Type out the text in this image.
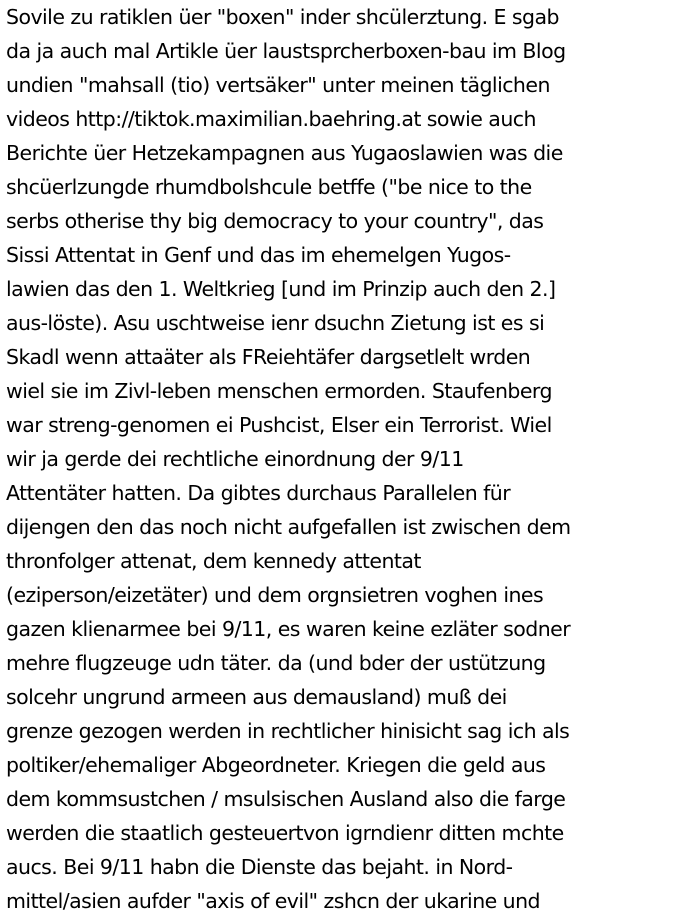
Sovile zu ratiklen üer "boxen" inder shcülerztung. E sgab
da ja auch mal Artikle üer laustsprcherboxen-bau im Blog
undien "mahsall (tio) vertsäker" unter meinen täglichen
videos http://tiktok.maximilian.baehring.at sowie auch
Berichte üer Hetzekampagnen aus Yugaoslawien was die
shcüerlzungde rhumdbolshcule betffe ("be nice to the
serbs otherise thy big democracy to your country", das
Sissi Attentat in Genf und das im ehemelgen Yugos-
lawien das den 1. Weltkrieg [und im Prinzip auch den 2.]
aus-löste). Asu uschtweise ienr dsuchn Zietung ist es si
Skadl wenn attaäter als FReiehtäfer dargsetlelt wrden
wiel sie im Zivl-leben menschen ermorden. Staufenberg
war streng-genomen ei Pushcist, Elser ein Terrorist. Wiel
wir ja gerde dei rechtliche einordnung der 9/11
Attentäter hatten. Da gibtes durchaus Parallelen für
dijengen den das noch nicht aufgefallen ist zwischen dem
thronfolger attenat, dem kennedy attentat
(eziperson/eizetäter) und dem orgnsietren voghen ines
gazen klienarmee bei 9/11, es waren keine ezläter sodner
mehre flugzeuge udn täter. da (und bder der ustützung
solcehr ungrund armeen aus demausland) muß dei
grenze gezogen werden in rechtlicher hinisicht sag ich als
poltiker/ehemaliger Abgeordneter. Kriegen die geld aus
dem kommsustchen / msulsischen Ausland also die farge
werden die staatlich gesteuertvon igrndienr ditten mchte
aucs. Bei 9/11 habn die Dienste das bejaht. in Nord-
mittel/asien aufder "axis of evil" zshcn der ukarine und
